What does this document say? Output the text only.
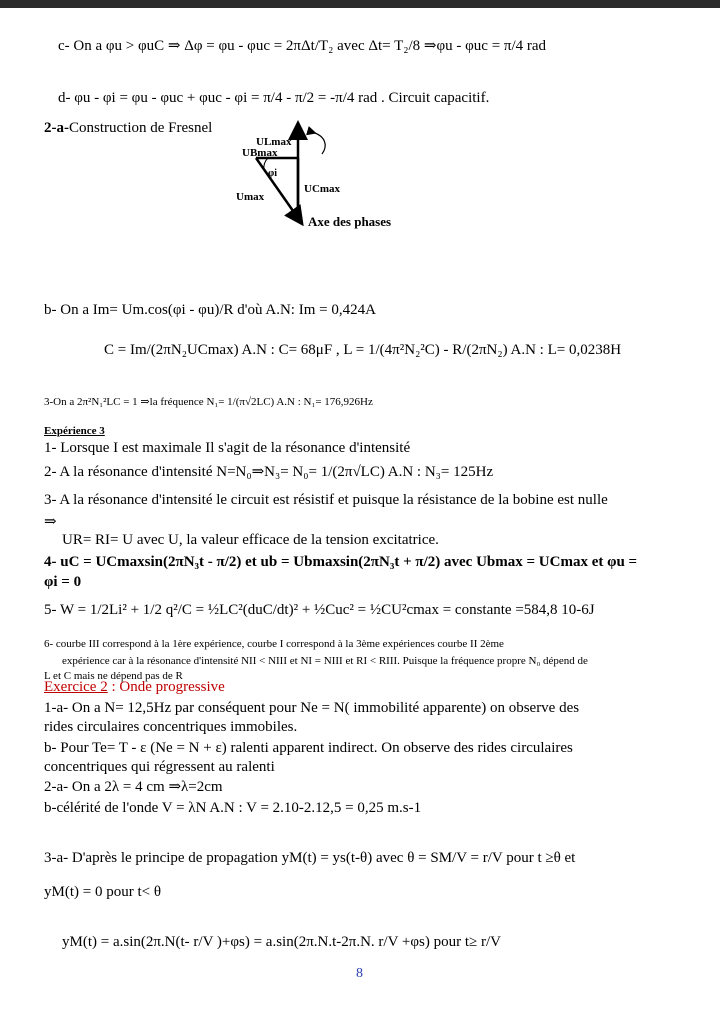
c- On a φu > φuC ⇒ Δφ = φu - φuc = 2πΔt/T₂ avec Δt= T₂/8 ⇒φu - φuc = π/4 rad
d- φu - φi = φu - φuc + φuc - φi = π/4 - π/2 = -π/4 rad . Circuit capacitif.
2-a-Construction de Fresnel
ULmax
UBmax
φi
Umax
UCmax
Axe des phases
b- On a Im= Um.cos(φi - φu)/R d'où A.N: Im = 0,424A
C = Im/(2πN₂UCmax) A.N : C= 68μF , L = 1/(4π²N₂²C) - R/(2πN₂) A.N : L= 0,0238H
3-On a 2π²N₁²LC = 1 ⇒la fréquence N₁= 1/(π√2LC) A.N : N₁= 176,926Hz
Expérience 3
1- Lorsque I est maximale Il s'agit de la résonance d'intensité
2- A la résonance d'intensité N=N₀⇒N₃= N₀= 1/(2π√LC) A.N : N₃= 125Hz
3- A la résonance d'intensité le circuit est résistif et puisque la résistance de la bobine est nulle
⇒
UR= RI= U avec U, la valeur efficace de la tension excitatrice.
4- uC = UCmaxsin(2πN₃t - π/2) et ub = Ubmaxsin(2πN₃t + π/2) avec Ubmax = UCmax et φu =
φi = 0
5- W = 1/2Li² + 1/2 q²/C = ½LC²(duC/dt)² + ½Cuc² = ½CU²cmax = constante =584,8 10-6J
6- courbe III correspond à la 1ère expérience, courbe I correspond à la 3ème expériences courbe II 2ème
expérience car à la résonance d'intensité NII < NIII et NI = NIII et RI < RIII. Puisque la fréquence propre N₀ dépend de
L et C mais ne dépend pas de R
Exercice 2 : Onde progressive
1-a- On a N= 12,5Hz par conséquent pour Ne = N( immobilité apparente) on observe des
rides circulaires concentriques immobiles.
b- Pour Te= T - ε (Ne = N + ε) ralenti apparent indirect. On observe des rides circulaires
concentriques qui régressent au ralenti
2-a- On a 2λ = 4 cm ⇒λ=2cm
b-célérité de l'onde V = λN A.N : V = 2.10-2.12,5 = 0,25 m.s-1
3-a- D'après le principe de propagation yM(t) = ys(t-θ) avec θ = SM/V = r/V pour t ≥θ et
yM(t) = 0 pour t< θ
yM(t) = a.sin(2π.N(t- r/V )+φs) = a.sin(2π.N.t-2π.N. r/V +φs) pour t≥ r/V
8
